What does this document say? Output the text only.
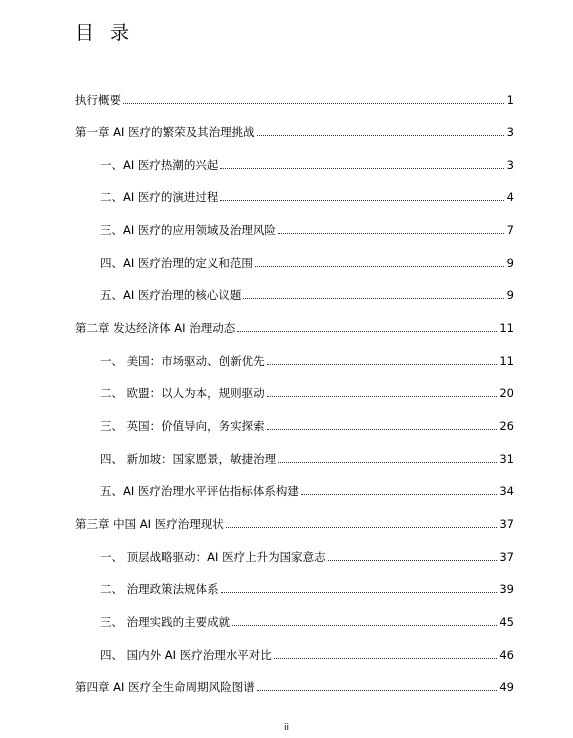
目 录
执行概要	1
第一章 AI 医疗的繁荣及其治理挑战	3
一、AI 医疗热潮的兴起	3
二、AI 医疗的演进过程	4
三、AI 医疗的应用领域及治理风险	7
四、AI 医疗治理的定义和范围	9
五、AI 医疗治理的核心议题	9
第二章 发达经济体 AI 治理动态	11
一、 美国：市场驱动、创新优先	11
二、 欧盟：以人为本，规则驱动	20
三、 英国：价值导向，务实探索	26
四、 新加坡：国家愿景，敏捷治理	31
五、AI 医疗治理水平评估指标体系构建	34
第三章 中国 AI 医疗治理现状	37
一、 顶层战略驱动：AI 医疗上升为国家意志	37
二、 治理政策法规体系	39
三、 治理实践的主要成就	45
四、 国内外 AI 医疗治理水平对比	46
第四章 AI 医疗全生命周期风险图谱	49
ii
